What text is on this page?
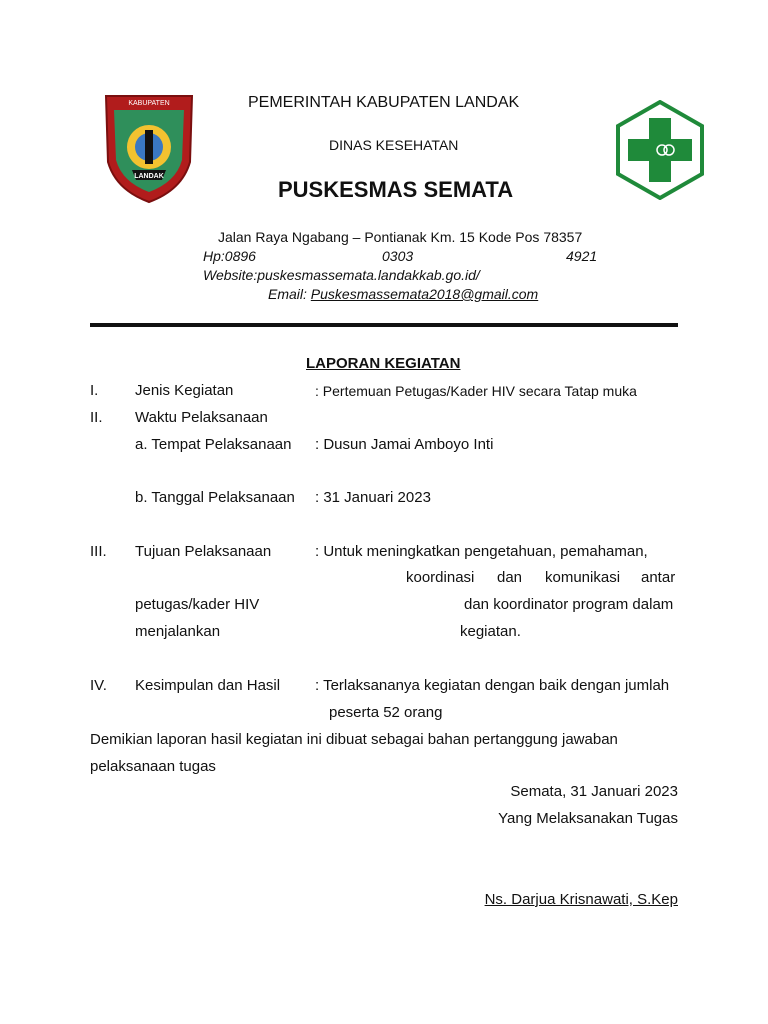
KABUPATEN
LANDAK
PEMERINTAH KABUPATEN LANDAK
DINAS KESEHATAN
PUSKESMAS SEMATA
Jalan Raya Ngabang – Pontianak Km. 15 Kode Pos 78357
Hp:0896	0303	4921
Website:puskesmassemata.landakkab.go.id/
Email: Puskesmassemata2018@gmail.com
LAPORAN KEGIATAN
I. Jenis Kegiatan	: Pertemuan Petugas/Kader HIV secara Tatap muka
II. Waktu Pelaksanaan
a. Tempat Pelaksanaan : Dusun Jamai Amboyo Inti
b. Tanggal Pelaksanaan : 31 Januari 2023
III. Tujuan Pelaksanaan	: Untuk meningkatkan pengetahuan, pemahaman,
koordinasi dan komunikasi antar
petugas/kader HIV	dan koordinator program dalam
menjalankan	kegiatan.
IV. Kesimpulan dan Hasil : Terlaksananya kegiatan dengan baik dengan jumlah
peserta 52 orang
Demikian laporan hasil kegiatan ini dibuat sebagai bahan pertanggung jawaban
pelaksanaan tugas
Semata, 31 Januari 2023
Yang Melaksanakan Tugas
Ns. Darjua Krisnawati, S.Kep
